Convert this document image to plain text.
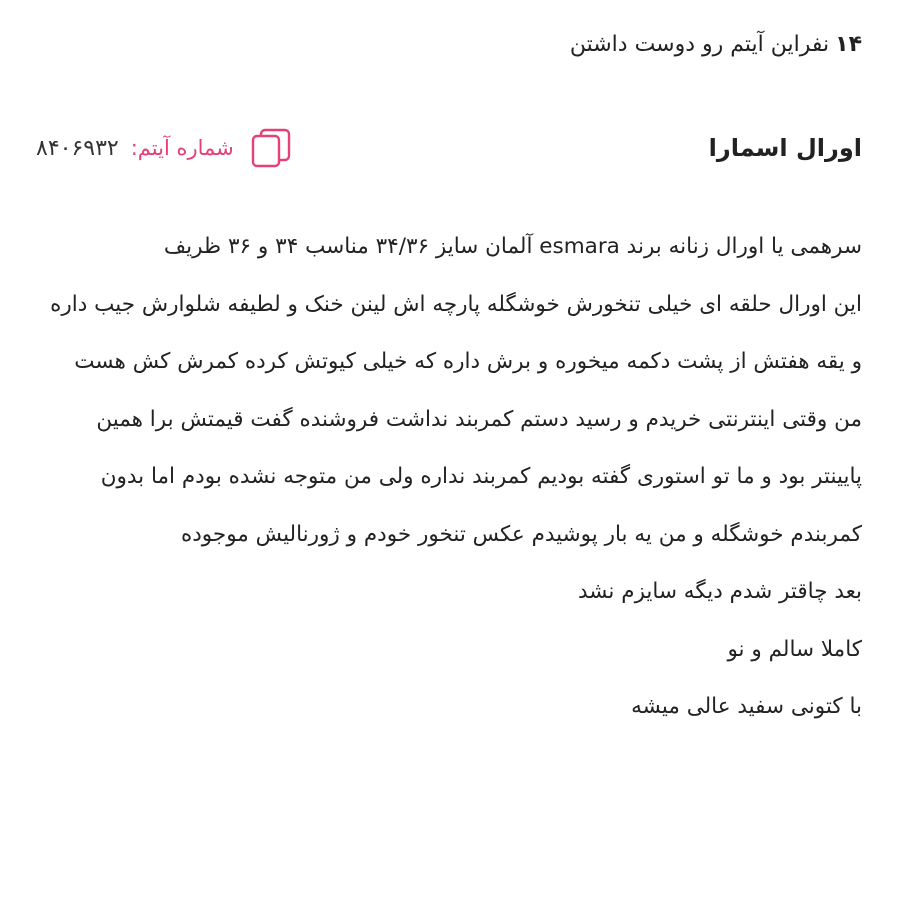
۱۴نفراین آیتم رو دوست داشتن
اورال اسمارا
شماره آیتم:
۸۴۰۶۹۳۲

سرهمی یا اورال زنانه برند esmara آلمان سایز ۳۴/۳۶ مناسب ۳۴ و ۳۶ ظریف

این اورال حلقه ای خیلی تنخورش خوشگله پارچه اش لینن خنک و لطیفه شلوارش جیب داره و یقه هفتش از پشت دکمه میخوره و برش داره که خیلی کیوتش کرده کمرش کش هست من وقتی اینترنتی خریدم و رسید دستم کمربند نداشت فروشنده گفت قیمتش برا همین پایینتر بود و ما تو استوری گفته بودیم کمربند نداره ولی من متوجه نشده بودم اما بدون کمربندم خوشگله و من یه بار پوشیدم عکس تنخور خودم و ژورنالیش موجوده

بعد چاقتر شدم دیگه سایزم نشد

کاملا سالم و نو

با کتونی سفید عالی میشه
